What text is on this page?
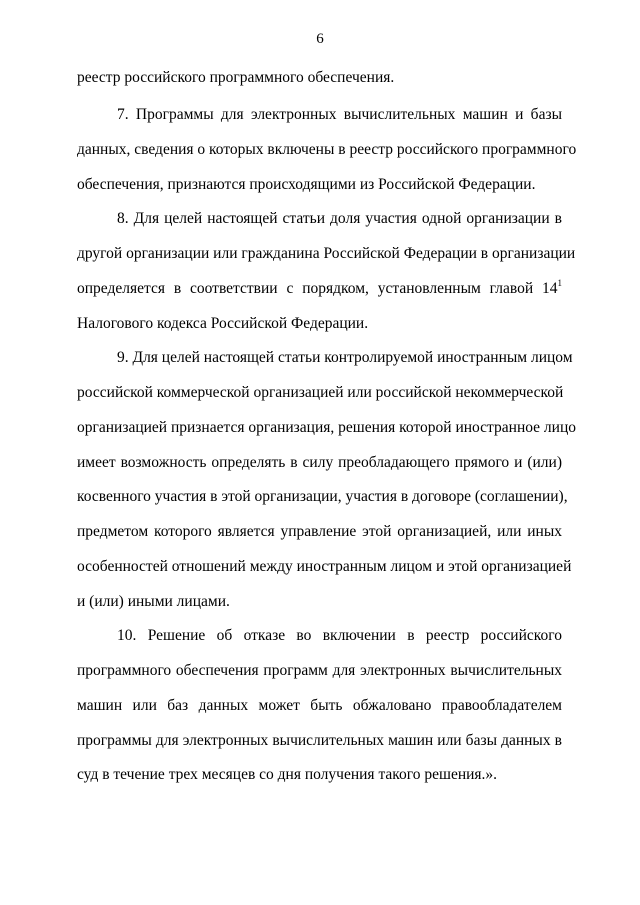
6
реестр российского программного обеспечения.
7. Программы для электронных вычислительных машин и базы
данных, сведения о которых включены в реестр российского программного
обеспечения, признаются происходящими из Российской Федерации.
8. Для целей настоящей статьи доля участия одной организации в
другой организации или гражданина Российской Федерации в организации
определяется в соответствии с порядком, установленным главой $14^1$
Налогового кодекса Российской Федерации.
9. Для целей настоящей статьи контролируемой иностранным лицом
российской коммерческой организацией или российской некоммерческой
организацией признается организация, решения которой иностранное лицо
имеет возможность определять в силу преобладающего прямого и (или)
косвенного участия в этой организации, участия в договоре (соглашении),
предметом которого является управление этой организацией, или иных
особенностей отношений между иностранным лицом и этой организацией
и (или) иными лицами.
10. Решение об отказе во включении в реестр российского
программного обеспечения программ для электронных вычислительных
машин или баз данных может быть обжаловано правообладателем
программы для электронных вычислительных машин или базы данных в
суд в течение трех месяцев со дня получения такого решения.».
